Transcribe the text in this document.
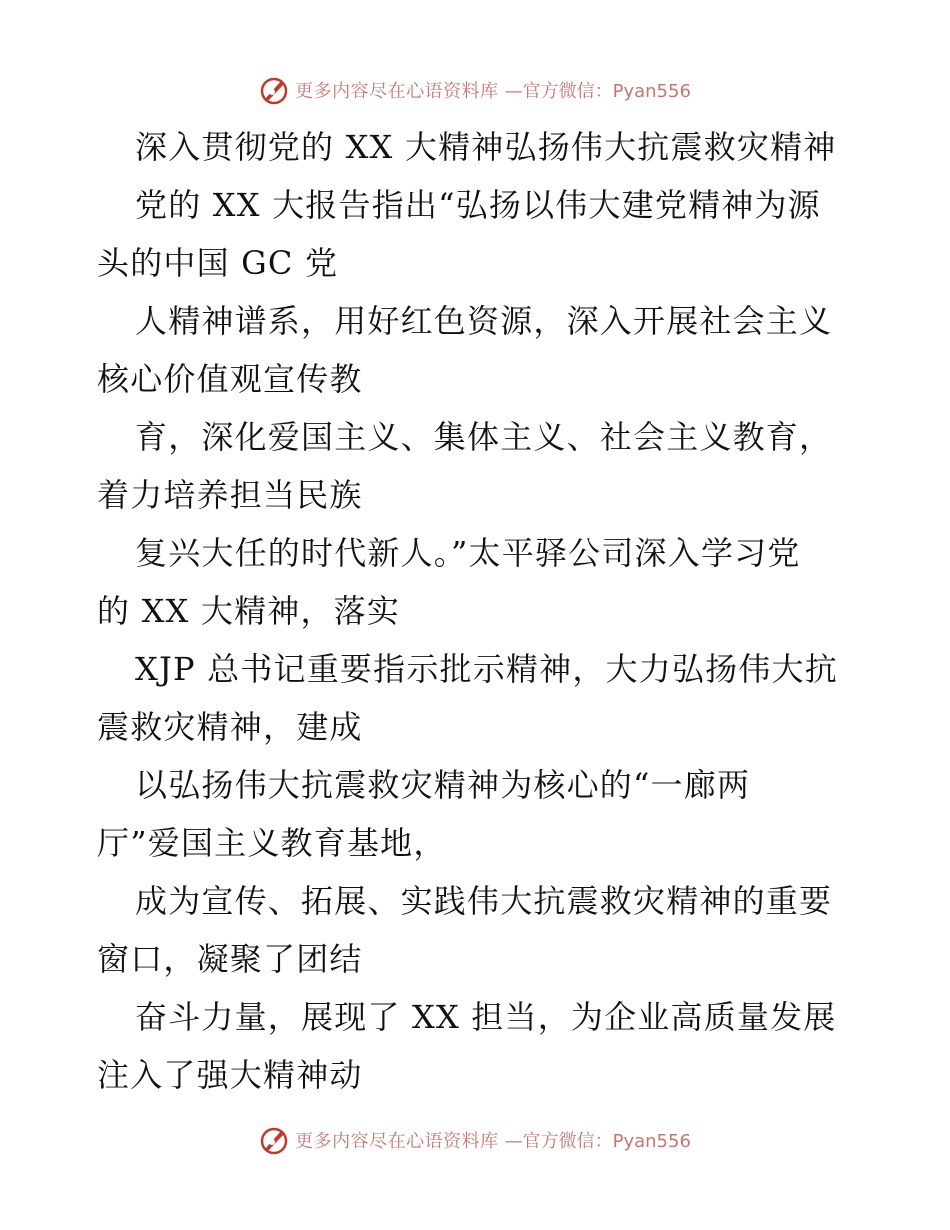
更多内容尽在心语资料库 —官方微信：Pyan556
深入贯彻党的 XX 大精神弘扬伟大抗震救灾精神
党的 XX 大报告指出“弘扬以伟大建党精神为源
头的中国 GC 党
人精神谱系，用好红色资源，深入开展社会主义
核心价值观宣传教
育，深化爱国主义、集体主义、社会主义教育，
着力培养担当民族
复兴大任的时代新人。”太平驿公司深入学习党
的 XX 大精神，落实
XJP 总书记重要指示批示精神，大力弘扬伟大抗
震救灾精神，建成
以弘扬伟大抗震救灾精神为核心的“一廊两
厅”爱国主义教育基地，
成为宣传、拓展、实践伟大抗震救灾精神的重要
窗口，凝聚了团结
奋斗力量，展现了 XX 担当，为企业高质量发展
注入了强大精神动
更多内容尽在心语资料库 —官方微信：Pyan556
